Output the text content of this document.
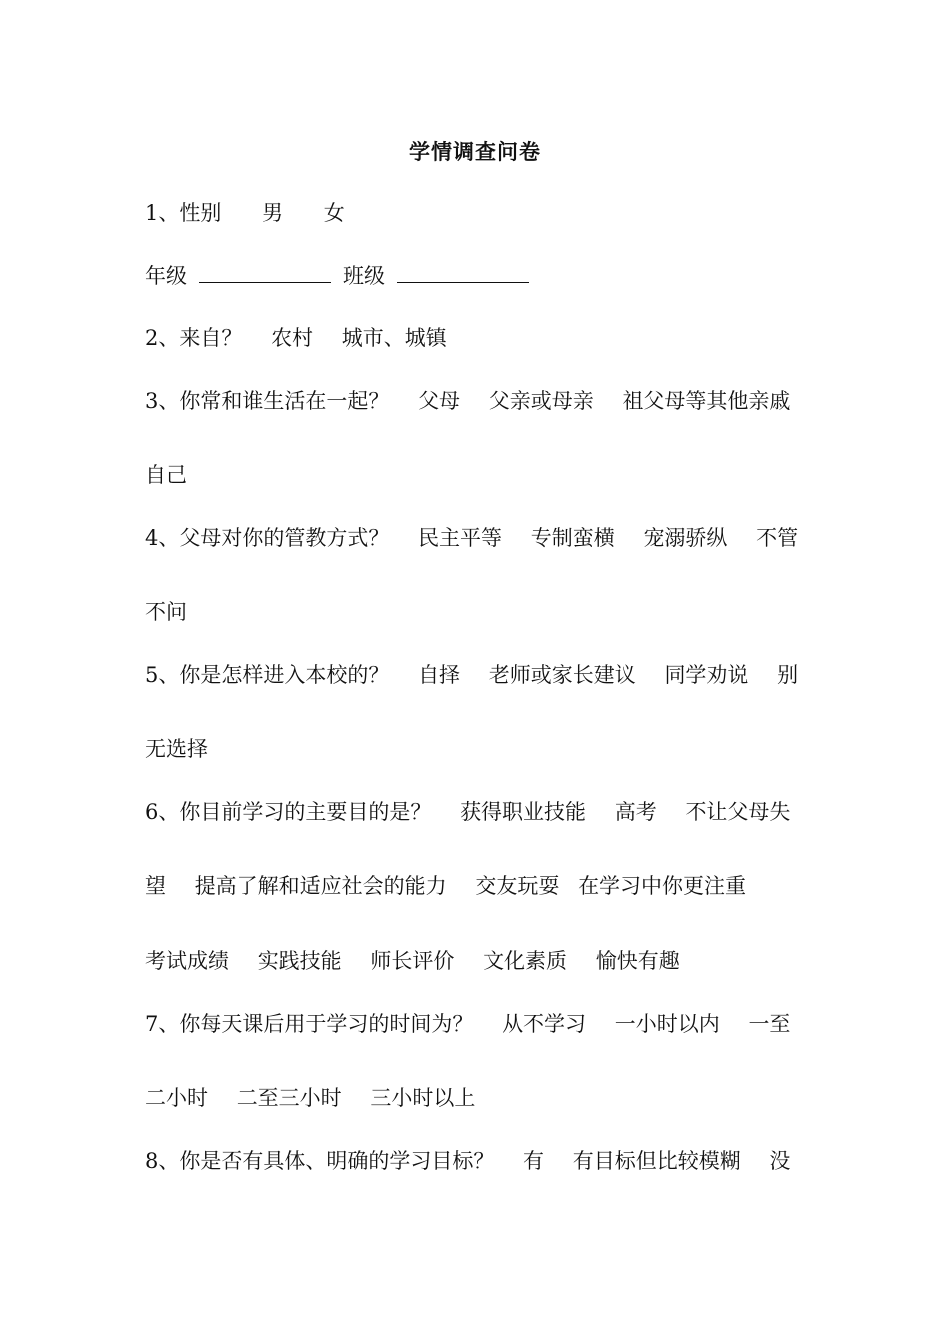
学情调查问卷
1、性别 男 女
年级	班级
2、来自？ 农村 城市、城镇
3、你常和谁生活在一起？ 父母 父亲或母亲 祖父母等其他亲戚
自己
4、父母对你的管教方式？ 民主平等 专制蛮横 宠溺骄纵 不管
不问
5、你是怎样进入本校的？ 自择 老师或家长建议 同学劝说 别
无选择
6、你目前学习的主要目的是？ 获得职业技能 高考 不让父母失
望 提高了解和适应社会的能力 交友玩耍 在学习中你更注重
考试成绩 实践技能 师长评价 文化素质 愉快有趣
7、你每天课后用于学习的时间为？ 从不学习 一小时以内 一至
二小时 二至三小时 三小时以上
8、你是否有具体、明确的学习目标？ 有 有目标但比较模糊 没
